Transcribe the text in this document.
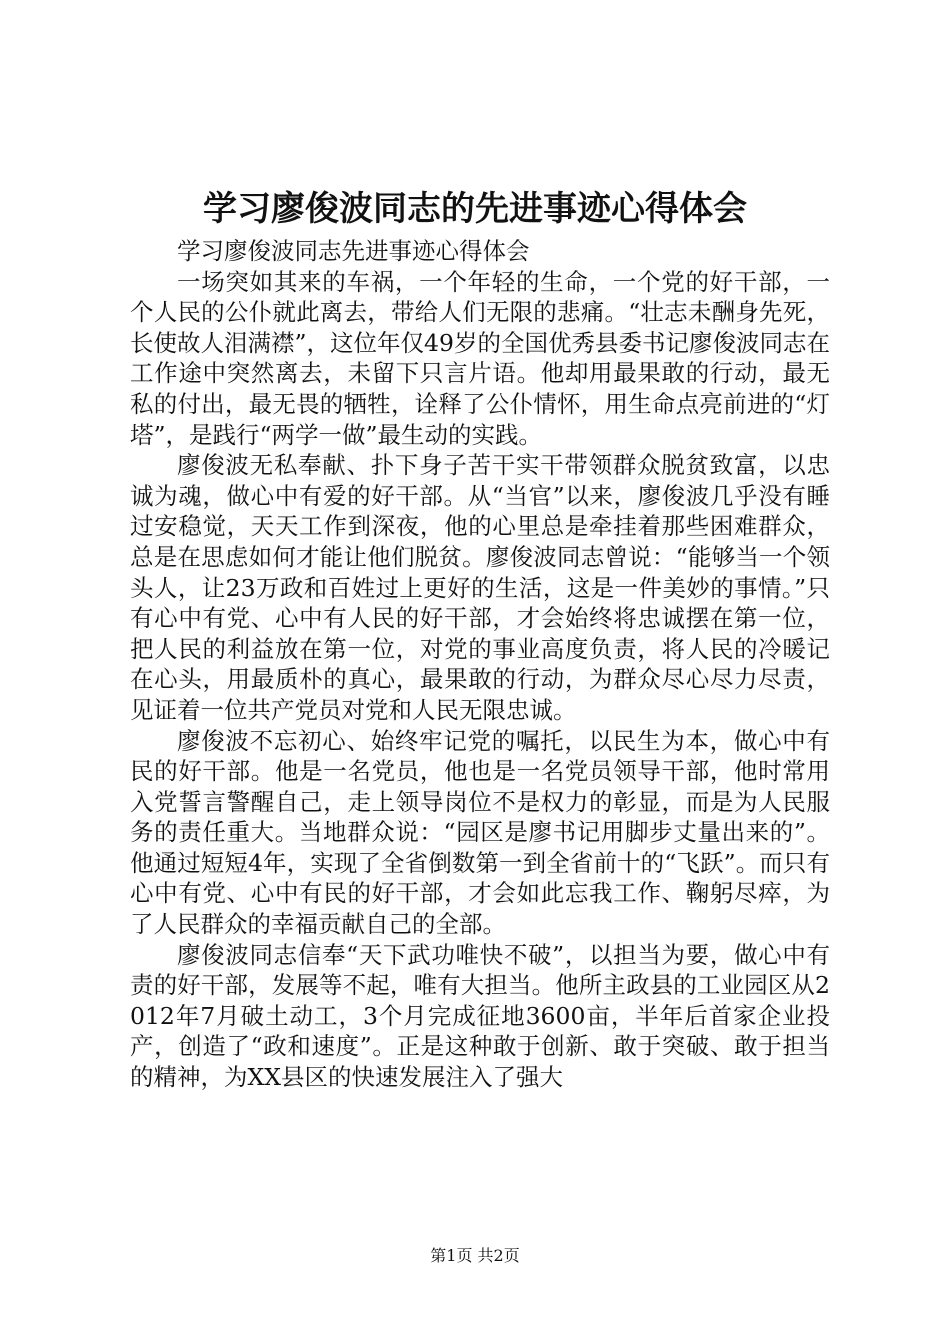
学习廖俊波同志的先进事迹心得体会

学习廖俊波同志先进事迹心得体会

一场突如其来的车祸，一个年轻的生命，一个党的好干部，一个人民的公仆就此离去，带给人们无限的悲痛。“壮志未酬身先死，长使故人泪满襟”，这位年仅49岁的全国优秀县委书记廖俊波同志在工作途中突然离去，未留下只言片语。他却用最果敢的行动，最无私的付出，最无畏的牺牲，诠释了公仆情怀，用生命点亮前进的“灯塔”，是践行“两学一做”最生动的实践。

廖俊波无私奉献、扑下身子苦干实干带领群众脱贫致富，以忠诚为魂，做心中有爱的好干部。从“当官”以来，廖俊波几乎没有睡过安稳觉，天天工作到深夜，他的心里总是牵挂着那些困难群众，总是在思虑如何才能让他们脱贫。廖俊波同志曾说：“能够当一个领头人，让23万政和百姓过上更好的生活，这是一件美妙的事情。”只有心中有党、心中有人民的好干部，才会始终将忠诚摆在第一位，把人民的利益放在第一位，对党的事业高度负责，将人民的冷暖记在心头，用最质朴的真心，最果敢的行动，为群众尽心尽力尽责，见证着一位共产党员对党和人民无限忠诚。

廖俊波不忘初心、始终牢记党的嘱托，以民生为本，做心中有民的好干部。他是一名党员，他也是一名党员领导干部，他时常用入党誓言警醒自己，走上领导岗位不是权力的彰显，而是为人民服务的责任重大。当地群众说：“园区是廖书记用脚步丈量出来的”。他通过短短4年，实现了全省倒数第一到全省前十的“飞跃”。而只有心中有党、心中有民的好干部，才会如此忘我工作、鞠躬尽瘁，为了人民群众的幸福贡献自己的全部。

廖俊波同志信奉“天下武功唯快不破”，以担当为要，做心中有责的好干部，发展等不起，唯有大担当。他所主政县的工业园区从2012年7月破土动工，3个月完成征地3600亩，半年后首家企业投产，创造了“政和速度”。正是这种敢于创新、敢于突破、敢于担当的精神，为XX县区的快速发展注入了强大

第1页 共2页
